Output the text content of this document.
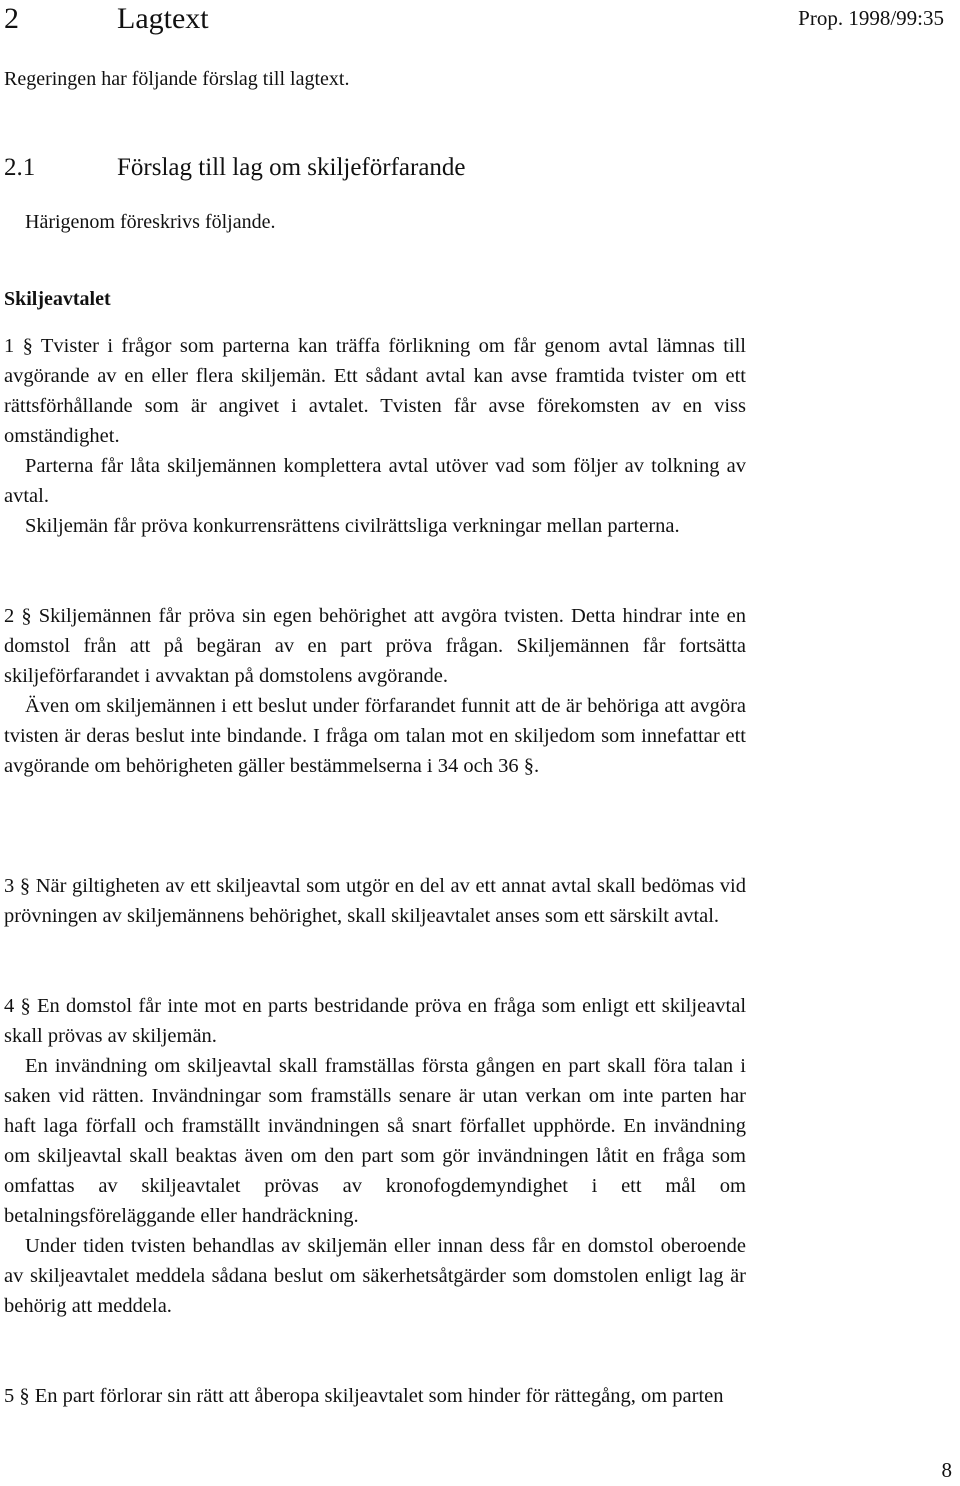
2	Lagtext	Prop. 1998/99:35
Regeringen har följande förslag till lagtext.
2.1	Förslag till lag om skiljeförfarande
Härigenom föreskrivs följande.
Skiljeavtalet

1 § Tvister i frågor som parterna kan träffa förlikning om får genom avtal lämnas till avgörande av en eller flera skiljemän. Ett sådant avtal kan avse framtida tvister om ett rättsförhållande som är angivet i avtalet. Tvisten får avse förekomsten av en viss omständighet.

Parterna får låta skiljemännen komplettera avtal utöver vad som följer av tolkning av avtal.

Skiljemän får pröva konkurrensrättens civilrättsliga verkningar mellan parterna.

2 § Skiljemännen får pröva sin egen behörighet att avgöra tvisten. Detta hindrar inte en domstol från att på begäran av en part pröva frågan. Skiljemännen får fortsätta skiljeförfarandet i avvaktan på domstolens avgörande.

Även om skiljemännen i ett beslut under förfarandet funnit att de är behöriga att avgöra tvisten är deras beslut inte bindande. I fråga om talan mot en skiljedom som innefattar ett avgörande om behörigheten gäller bestämmelserna i 34 och 36 §.

3 § När giltigheten av ett skiljeavtal som utgör en del av ett annat avtal skall bedömas vid prövningen av skiljemännens behörighet, skall skiljeavtalet anses som ett särskilt avtal.

4 § En domstol får inte mot en parts bestridande pröva en fråga som enligt ett skiljeavtal skall prövas av skiljemän.

En invändning om skiljeavtal skall framställas första gången en part skall föra talan i saken vid rätten. Invändningar som framställs senare är utan verkan om inte parten har haft laga förfall och framställt invändningen så snart förfallet upphörde. En invändning om skiljeavtal skall beaktas även om den part som gör invändningen låtit en fråga som omfattas av skiljeavtalet prövas av kronofogdemyndighet i ett mål om betalningsföreläggande eller handräckning.

Under tiden tvisten behandlas av skiljemän eller innan dess får en domstol oberoende av skiljeavtalet meddela sådana beslut om säkerhetsåtgärder som domstolen enligt lag är behörig att meddela.

5 § En part förlorar sin rätt att åberopa skiljeavtalet som hinder för rättegång, om parten

8
